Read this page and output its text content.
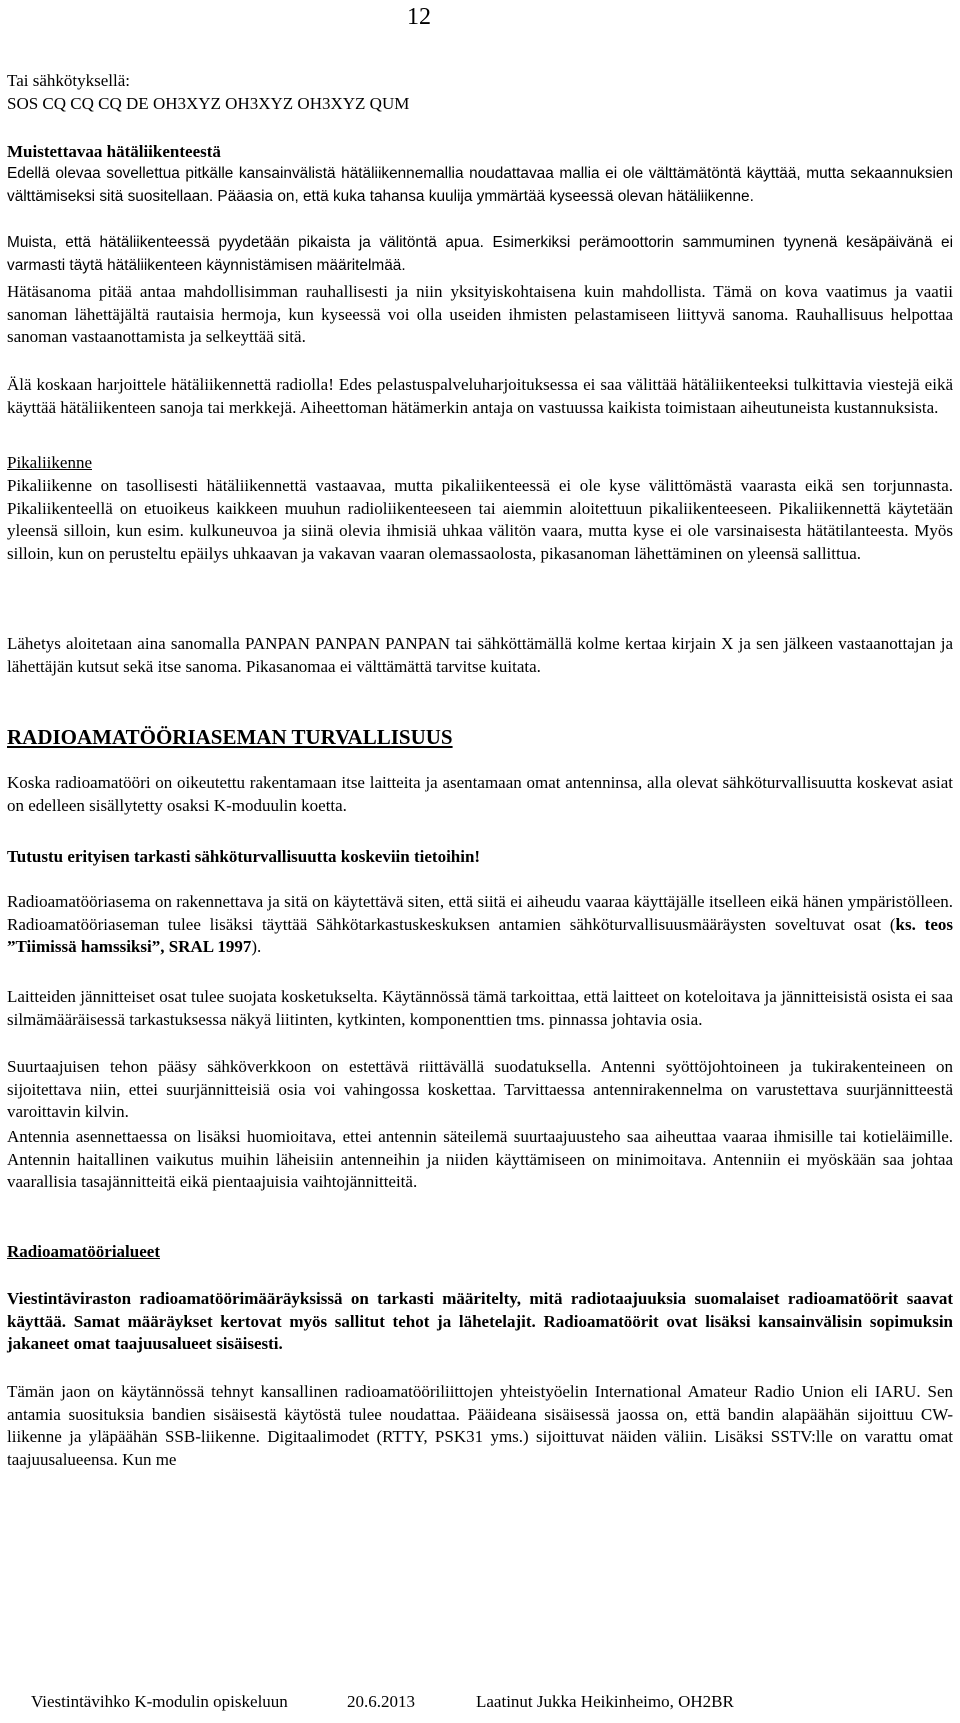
12

Tai sähkötyksellä:

SOS CQ CQ CQ DE OH3XYZ OH3XYZ OH3XYZ QUM

Muistettavaa hätäliikenteestä

Edellä olevaa sovellettua pitkälle kansainvälistä hätäliikennemallia noudattavaa mallia ei ole välttämätöntä käyttää, mutta sekaannuksien välttämiseksi sitä suositellaan. Pääasia on, että kuka tahansa kuulija ymmärtää kyseessä olevan hätäliikenne.

Muista, että hätäliikenteessä pyydetään pikaista ja välitöntä apua. Esimerkiksi perämoottorin sammuminen tyynenä kesäpäivänä ei varmasti täytä hätäliikenteen käynnistämisen määritelmää.

Hätäsanoma pitää antaa mahdollisimman rauhallisesti ja niin yksityiskohtaisena kuin mahdollista. Tämä on kova vaatimus ja vaatii sanoman lähettäjältä rautaisia hermoja, kun kyseessä voi olla useiden ihmisten pelastamiseen liittyvä sanoma. Rauhallisuus helpottaa sanoman vastaanottamista ja selkeyttää sitä.

Älä koskaan harjoittele hätäliikennettä radiolla! Edes pelastuspalveluharjoituksessa ei saa välittää hätäliikenteeksi tulkittavia viestejä eikä käyttää hätäliikenteen sanoja tai merkkejä. Aiheettoman hätämerkin antaja on vastuussa kaikista toimistaan aiheutuneista kustannuksista.

Pikaliikenne

Pikaliikenne on tasollisesti hätäliikennettä vastaavaa, mutta pikaliikenteessä ei ole kyse välittömästä vaarasta eikä sen torjunnasta. Pikaliikenteellä on etuoikeus kaikkeen muuhun radioliikenteeseen tai aiemmin aloitettuun pikaliikenteeseen. Pikaliikennettä käytetään yleensä silloin, kun esim. kulkuneuvoa ja siinä olevia ihmisiä uhkaa välitön vaara, mutta kyse ei ole varsinaisesta hätätilanteesta. Myös silloin, kun on perusteltu epäilys uhkaavan ja vakavan vaaran olemassaolosta, pikasanoman lähettäminen on yleensä sallittua.

Lähetys aloitetaan aina sanomalla PANPAN PANPAN PANPAN tai sähköttämällä kolme kertaa kirjain X ja sen jälkeen vastaanottajan ja lähettäjän kutsut sekä itse sanoma. Pikasanomaa ei välttämättä tarvitse kuitata.

RADIOAMATÖÖRIASEMAN TURVALLISUUS

Koska radioamatööri on oikeutettu rakentamaan itse laitteita ja asentamaan omat antenninsa, alla olevat sähköturvallisuutta koskevat asiat on edelleen sisällytetty osaksi K-moduulin koetta.

Tutustu erityisen tarkasti sähköturvallisuutta koskeviin tietoihin!

Radioamatööriasema on rakennettava ja sitä on käytettävä siten, että siitä ei aiheudu vaaraa käyttäjälle itselleen eikä hänen ympäristölleen. Radioamatööriaseman tulee lisäksi täyttää Sähkötarkastuskeskuksen antamien sähköturvallisuusmääräysten soveltuvat osat (ks. teos ”Tiimissä hamssiksi”, SRAL 1997).

Laitteiden jännitteiset osat tulee suojata kosketukselta. Käytännössä tämä tarkoittaa, että laitteet on koteloitava ja jännitteisistä osista ei saa silmämääräisessä tarkastuksessa näkyä liitinten, kytkinten, komponenttien tms. pinnassa johtavia osia.

Suurtaajuisen tehon pääsy sähköverkkoon on estettävä riittävällä suodatuksella. Antenni syöttöjohtoineen ja tukirakenteineen on sijoitettava niin, ettei suurjännitteisiä osia voi vahingossa koskettaa. Tarvittaessa antennirakennelma on varustettava suurjännitteestä varoittavin kilvin.

Antennia asennettaessa on lisäksi huomioitava, ettei antennin säteilemä suurtaajuusteho saa aiheuttaa vaaraa ihmisille tai kotieläimille. Antennin haitallinen vaikutus muihin läheisiin antenneihin ja niiden käyttämiseen on minimoitava. Antenniin ei myöskään saa johtaa vaarallisia tasajännitteitä eikä pientaajuisia vaihtojännitteitä.

Radioamatöörialueet

Viestintäviraston radioamatöörimääräyksissä on tarkasti määritelty, mitä radiotaajuuksia suomalaiset radioamatöörit saavat käyttää. Samat määräykset kertovat myös sallitut tehot ja lähetelajit. Radioamatöörit ovat lisäksi kansainvälisin sopimuksin jakaneet omat taajuusalueet sisäisesti.

Tämän jaon on käytännössä tehnyt kansallinen radioamatööriliittojen yhteistyöelin International Amateur Radio Union eli IARU. Sen antamia suosituksia bandien sisäisestä käytöstä tulee noudattaa. Pääideana sisäisessä jaossa on, että bandin alapäähän sijoittuu CW-liikenne ja yläpäähän SSB-liikenne. Digitaalimodet (RTTY, PSK31 yms.) sijoittuvat näiden väliin. Lisäksi SSTV:lle on varattu omat taajuusalueensa. Kun me

Viestintävihko K-modulin opiskeluun	20.6.2013	Laatinut Jukka Heikinheimo, OH2BR
